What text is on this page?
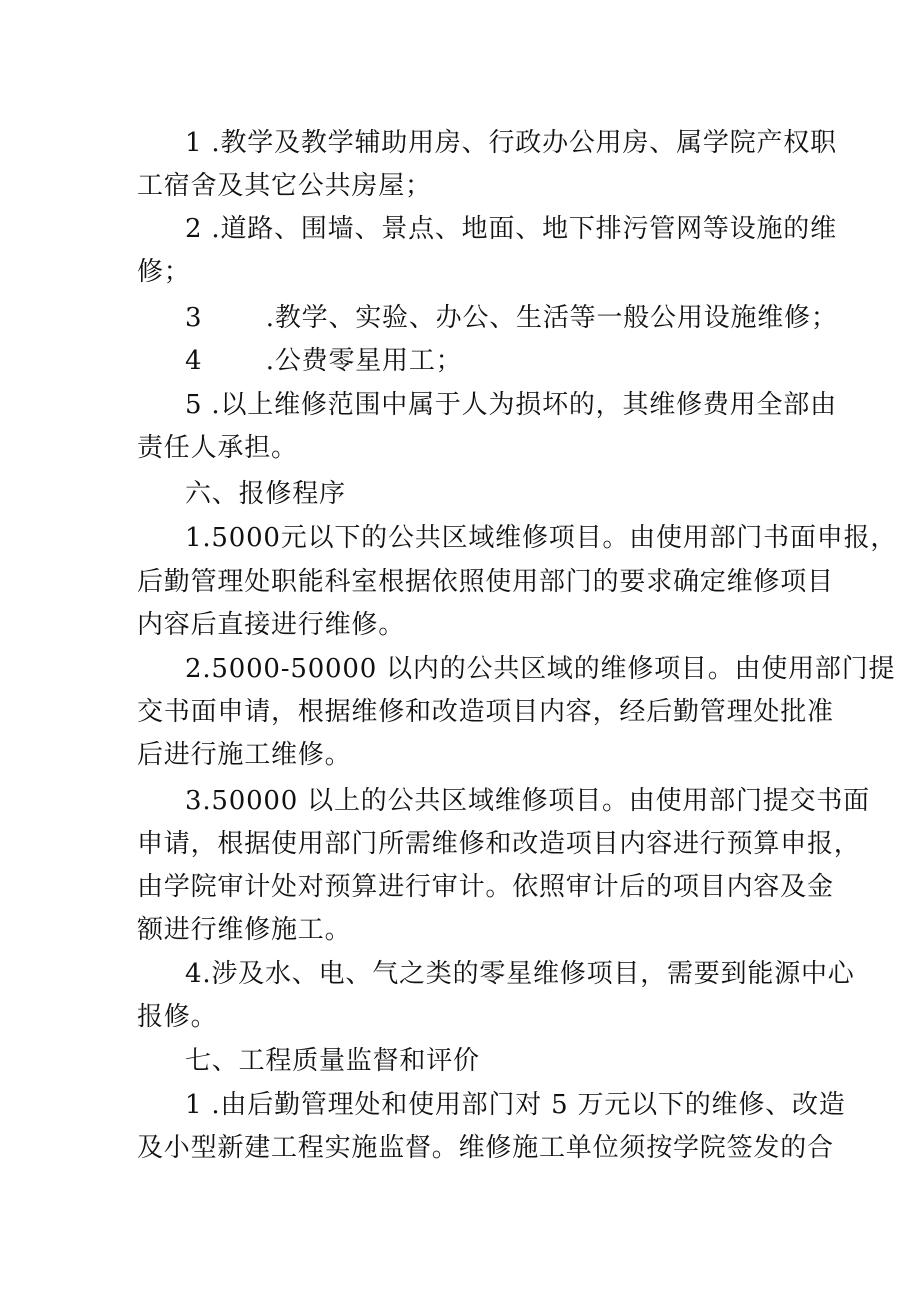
1 .教学及教学辅助用房、行政办公用房、属学院产权职
工宿舍及其它公共房屋；
2 .道路、围墙、景点、地面、地下排污管网等设施的维
修；
3       .教学、实验、办公、生活等一般公用设施维修；
4       .公费零星用工；
5 .以上维修范围中属于人为损坏的，其维修费用全部由
责任人承担。
六、报修程序
1.5000元以下的公共区域维修项目。由使用部门书面申报，
后勤管理处职能科室根据依照使用部门的要求确定维修项目
内容后直接进行维修。
2.5000-50000 以内的公共区域的维修项目。由使用部门提
交书面申请，根据维修和改造项目内容，经后勤管理处批准
后进行施工维修。
3.50000 以上的公共区域维修项目。由使用部门提交书面
申请，根据使用部门所需维修和改造项目内容进行预算申报，
由学院审计处对预算进行审计。依照审计后的项目内容及金
额进行维修施工。
4.涉及水、电、气之类的零星维修项目，需要到能源中心
报修。
七、工程质量监督和评价
1 .由后勤管理处和使用部门对 5 万元以下的维修、改造
及小型新建工程实施监督。维修施工单位须按学院签发的合
